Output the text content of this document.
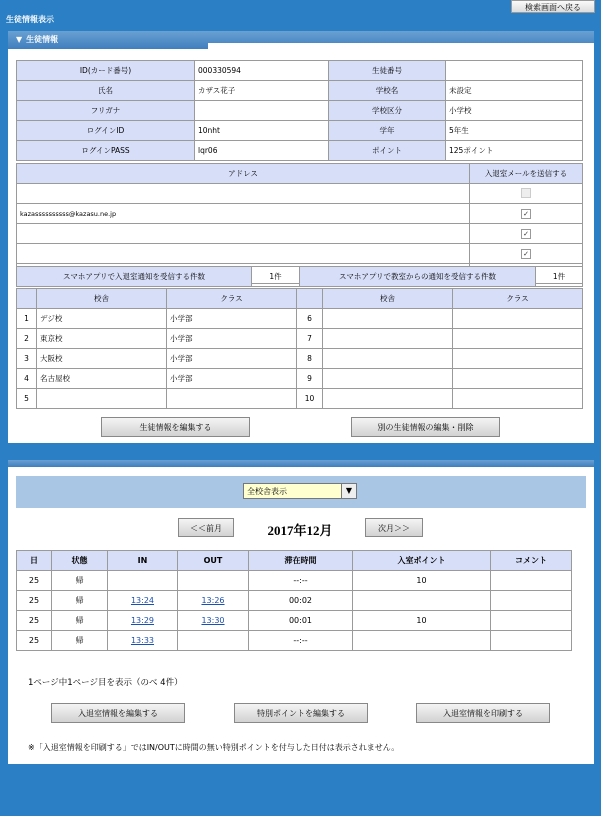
生徒情報表示
検索画面へ戻る
▼ 生徒情報
ID(カード番号)	000330594	生徒番号	
氏名	カザス花子	学校名	未設定
フリガナ		学校区分	小学校
ログインID	10nht	学年	5年生
ログインPASS	lqr06	ポイント	125ポイント
アドレス	入退室メールを送信する

kazassssssssss@kazasu.ne.jp	✓
	✓
	✓

スマホアプリで入退室通知を受信する件数	1件	スマホアプリで教室からの通知を受信する件数	1件
	校舎	クラス		校舎	クラス
1	デジ校	小学部	6		
2	東京校	小学部	7		
3	大阪校	小学部	8		
4	名古屋校	小学部	9		
5			10		
生徒情報を編集する	別の生徒情報の編集・削除
全校舎表示	▼
＜＜前月	2017年12月	次月＞＞
日	状態	IN	OUT	滞在時間	入室ポイント	コメント
25	帰			--:--	10	
25	帰	13:24	13:26	00:02		
25	帰	13:29	13:30	00:01	10	
25	帰	13:33		--:--		
1ページ中1ページ目を表示（のべ 4件）
入退室情報を編集する	特別ポイントを編集する	入退室情報を印刷する
※「入退室情報を印刷する」ではIN/OUTに時間の無い特別ポイントを付与した日付は表示されません。
